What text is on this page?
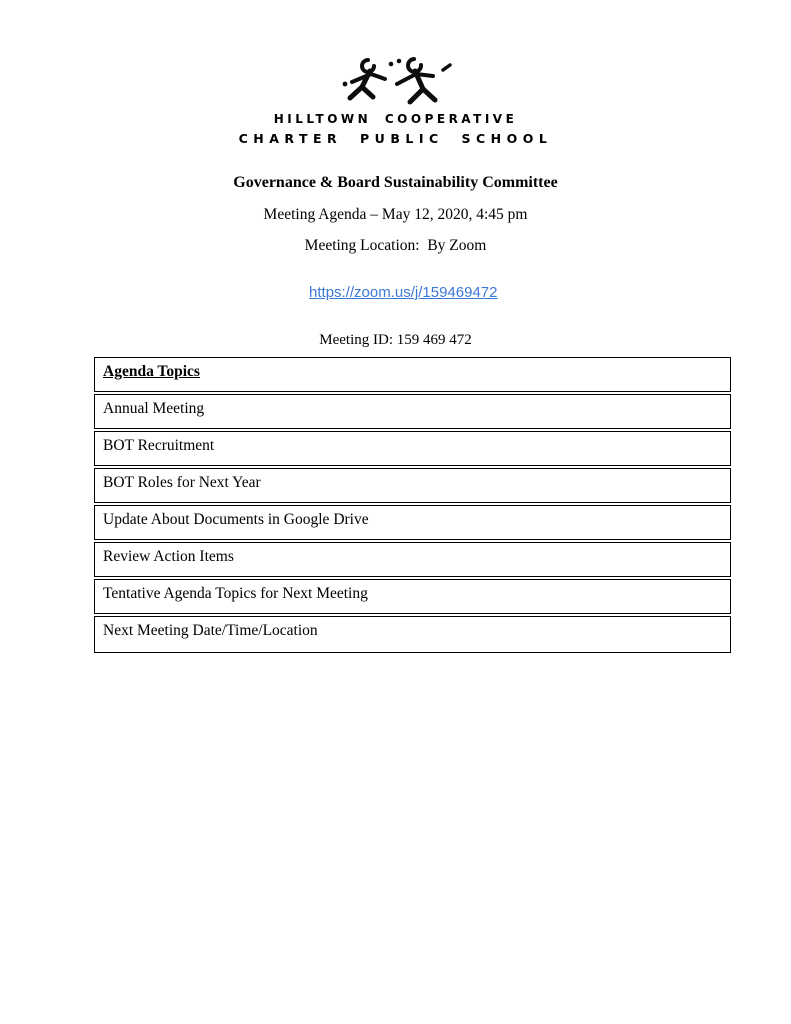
HILLTOWN COOPERATIVE
CHARTER PUBLIC SCHOOL
Governance & Board Sustainability Committee
Meeting Agenda – May 12, 2020, 4:45 pm
Meeting Location:  By Zoom

https://zoom.us/j/159469472

Meeting ID: 159 469 472
Agenda Topics
Annual Meeting
BOT Recruitment
BOT Roles for Next Year
Update About Documents in Google Drive
Review Action Items
Tentative Agenda Topics for Next Meeting
Next Meeting Date/Time/Location
